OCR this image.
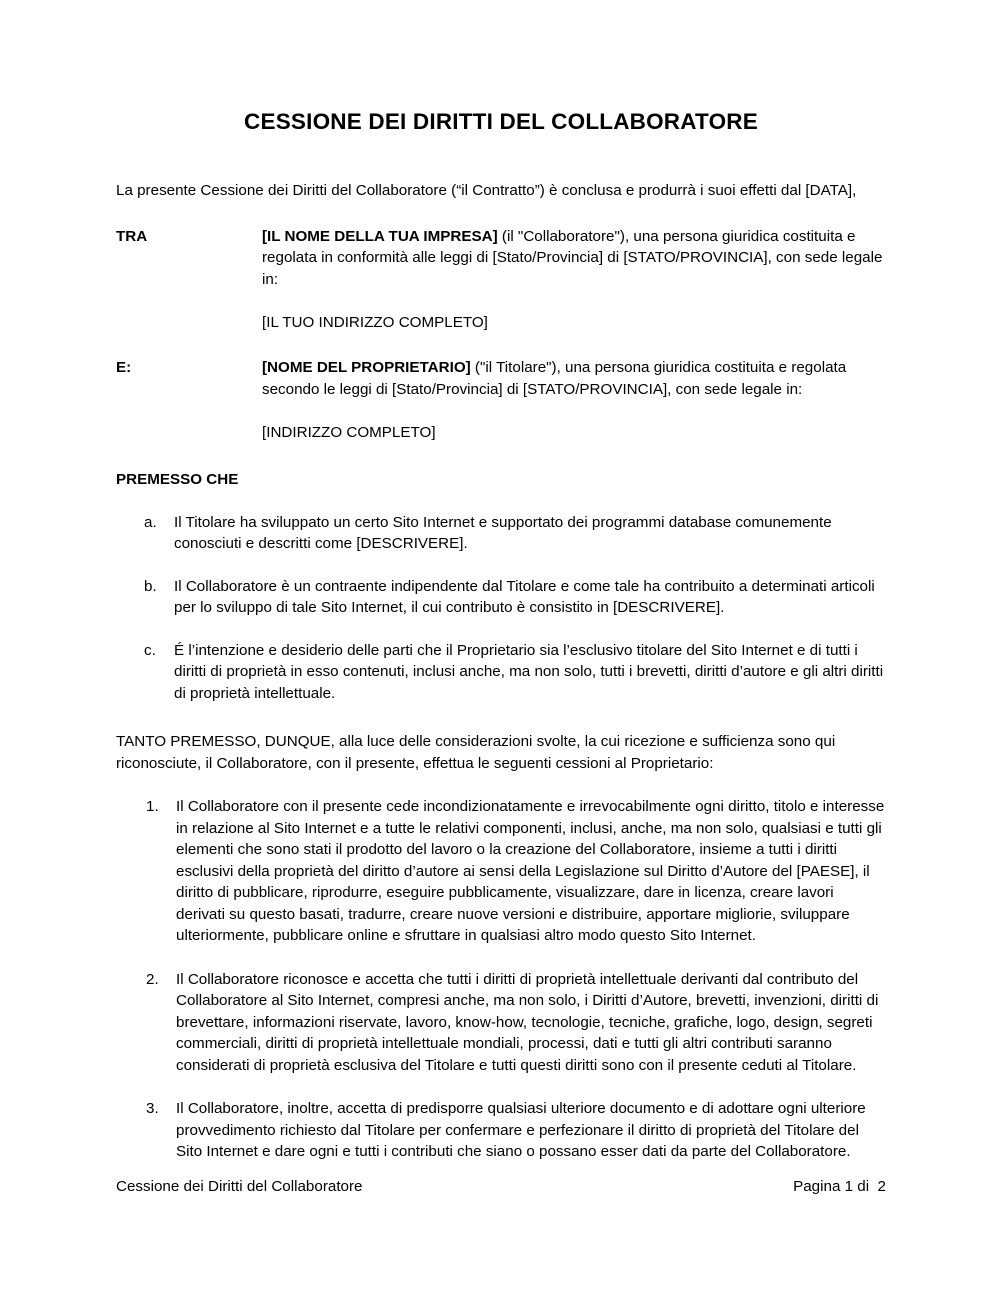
CESSIONE DEI DIRITTI DEL COLLABORATORE

La presente Cessione dei Diritti del Collaboratore (“il Contratto”) è conclusa e produrrà i suoi effetti dal [DATA],

TRA	[IL NOME DELLA TUA IMPRESA] (il "Collaboratore"), una persona giuridica costituita e regolata in conformità alle leggi di [Stato/Provincia] di [STATO/PROVINCIA], con sede legale in:
[IL TUO INDIRIZZO COMPLETO]
E:	[NOME DEL PROPRIETARIO] ("il Titolare"), una persona giuridica costituita e regolata secondo le leggi di [Stato/Provincia] di [STATO/PROVINCIA], con sede legale in:
[INDIRIZZO COMPLETO]
PREMESSO CHE
a.	Il Titolare ha sviluppato un certo Sito Internet e supportato dei programmi database comunemente conosciuti e descritti come [DESCRIVERE].
b.	Il Collaboratore è un contraente indipendente dal Titolare e come tale ha contribuito a determinati articoli per lo sviluppo di tale Sito Internet, il cui contributo è consistito in [DESCRIVERE].
c.	É l’intenzione e desiderio delle parti che il Proprietario sia l’esclusivo titolare del Sito Internet e di tutti i diritti di proprietà in esso contenuti, inclusi anche, ma non solo, tutti i brevetti, diritti d’autore e gli altri diritti di proprietà intellettuale.

TANTO PREMESSO, DUNQUE, alla luce delle considerazioni svolte, la cui ricezione e sufficienza sono qui riconosciute, il Collaboratore, con il presente, effettua le seguenti cessioni al Proprietario:

1.	Il Collaboratore con il presente cede incondizionatamente e irrevocabilmente ogni diritto, titolo e interesse in relazione al Sito Internet e a tutte le relativi componenti, inclusi, anche, ma non solo, qualsiasi e tutti gli elementi che sono stati il prodotto del lavoro o la creazione del Collaboratore, insieme a tutti i diritti esclusivi della proprietà del diritto d’autore ai sensi della Legislazione sul Diritto d’Autore del [PAESE], il diritto di pubblicare, riprodurre, eseguire pubblicamente, visualizzare, dare in licenza, creare lavori derivati su questo basati, tradurre, creare nuove versioni e distribuire, apportare migliorie, sviluppare ulteriormente, pubblicare online e sfruttare in qualsiasi altro modo questo Sito Internet.
2.	Il Collaboratore riconosce e accetta che tutti i diritti di proprietà intellettuale derivanti dal contributo del Collaboratore al Sito Internet, compresi anche, ma non solo, i Diritti d’Autore, brevetti, invenzioni, diritti di brevettare, informazioni riservate, lavoro, know-how, tecnologie, tecniche, grafiche, logo, design, segreti commerciali, diritti di proprietà intellettuale mondiali, processi, dati e tutti gli altri contributi saranno considerati di proprietà esclusiva del Titolare e tutti questi diritti sono con il presente ceduti al Titolare.
3.	Il Collaboratore, inoltre, accetta di predisporre qualsiasi ulteriore documento e di adottare ogni ulteriore provvedimento richiesto dal Titolare per confermare e perfezionare il diritto di proprietà del Titolare del Sito Internet e dare ogni e tutti i contributi che siano o possano esser dati da parte del Collaboratore.
Cessione dei Diritti del Collaboratore	Pagina 1 di  2
